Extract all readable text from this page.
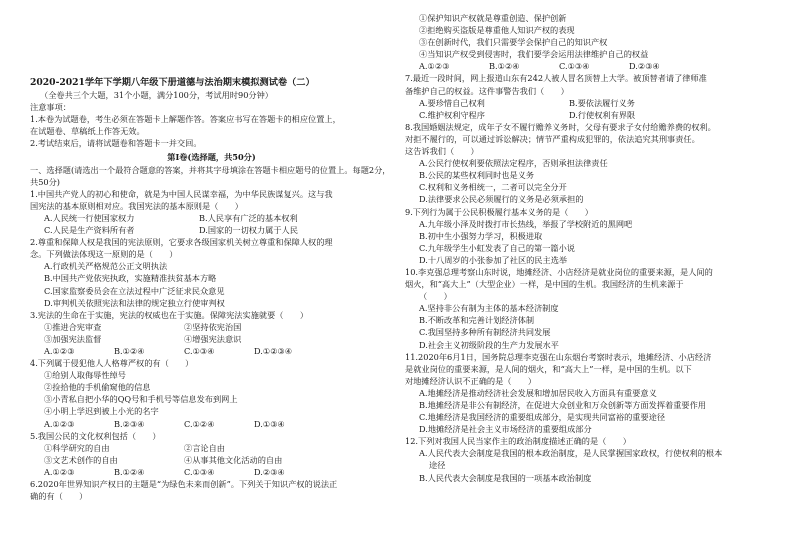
2020-2021学年下学期八年级下册道德与法治期末模拟测试卷（二）
（全卷共三个大题，31个小题，满分100分，考试用时90分钟）
注意事项：
1.本卷为试题卷，考生必须在答题卡上解题作答。答案应书写在答题卡的相应位置上，
在试题卷、草稿纸上作答无效。
2.考试结束后，请将试题卷和答题卡一并交回。
第Ⅰ卷(选择题，共50分)
一、选择题(请选出一个最符合题意的答案，并将其字母填涂在答题卡相应题号的位置上。每题2分，共50分)
1.中国共产党人的初心和使命，就是为中国人民谋幸福，为中华民族谋复兴。这与我
国宪法的基本原则相对应。我国宪法的基本原则是（　　）
A.人民统一行使国家权力	B.人民享有广泛的基本权利
C.人民是生产资料所有者	D.国家的一切权力属于人民
2.尊重和保障人权是我国的宪法原则，它要求各级国家机关树立尊重和保障人权的理
念。下列做法体现这一原则的是（　　）
A.行政机关严格规范公正文明执法
B.中国共产党依宪执政，实施精准扶贫基本方略
C.国家监察委员会在立法过程中广泛征求民众意见
D.审判机关依照宪法和法律的规定独立行使审判权
3.宪法的生命在于实施，宪法的权威也在于实施。保障宪法实施就要（　　）
①推进合宪审查	②坚持依宪治国
③加强宪法监督	④增强宪法意识
A.①②③	B.①②④	C.①③④	D.①②③④
4.下列属于侵犯他人人格尊严权的有（　　）
①给别人取侮辱性绰号
②捡拾他的手机偷窥他的信息
③小青私自把小华的QQ号和手机号等信息发布到网上
④小明上学迟到被上小光的名字
A.①②③	B.②③④	C.①②④	D.①③④
5.我国公民的文化权利包括（　　）
①科学研究的自由	②言论自由
③文艺术创作的自由	④从事其他文化活动的自由
A.①②③	B.①②④	C.①③④	D.②③④
6.2020年世界知识产权日的主题是“为绿色未来而创新”。下列关于知识产权的说法正
确的有（　　）
①保护知识产权就是尊重创造、保护创新
②拒绝购买盗版是尊重他人知识产权的表现
③在创新时代，我们只需要学会保护自己的知识产权
④当知识产权受到侵害时，我们要学会运用法律维护自己的权益
A.①②③	B.①②④	C.①③④	D.②③④
7.最近一段时间，网上报道山东有242人被人冒名顶替上大学。被顶替者请了律师准
备维护自己的权益。这件事警告我们（　　）
A.要珍惜自己权利	B.要依法履行义务
C.维护权利守程序	D.行使权利有界限
8.我国婚姻法规定，成年子女不履行赡养义务时，父母有要求子女付给赡养费的权利。
对拒不履行的，可以通过诉讼解决；情节严重构成犯罪的，依法追究其刑事责任。
这告诉我们（　　）
A.公民行使权利要依照法定程序，否则承担法律责任
B.公民的某些权利同时也是义务
C.权利和义务相统一，二者可以完全分开
D.法律要求公民必须履行的义务是必须承担的
9.下列行为属于公民积极履行基本义务的是（　　）
A.九年级小泽及时拨打市长热线，举报了学校附近的黑网吧
B.初中生小强努力学习，积极进取
C.九年级学生小虹发表了自己的第一篇小说
D.十八周岁的小张参加了社区的民主选举
10.李克强总理考察山东时说，地摊经济、小店经济是就业岗位的重要来源，是人间的
烟火，和“高大上”（大型企业）一样，是中国的生机。我国经济的生机来源于
（　　）
A.坚持非公有制为主体的基本经济制度
B.不断改革和完善计划经济体制
C.我国坚持多种所有制经济共同发展
D.社会主义初级阶段的生产力发展水平
11.2020年6月1日，国务院总理李克强在山东烟台考察时表示，地摊经济、小店经济
是就业岗位的重要来源，是人间的烟火，和“高大上”一样，是中国的生机。以下
对地摊经济认识不正确的是（　　）
A.地摊经济是推动经济社会发展和增加居民收入方面具有重要意义
B.地摊经济是非公有制经济，在促进大众创业和万众创新等方面发挥着重要作用
C.地摊经济是我国经济的重要组成部分，是实现共同富裕的重要途径
D.地摊经济是社会主义市场经济的重要组成部分
12.下列对我国人民当家作主的政治制度描述正确的是（　　）
A.人民代表大会制度是我国的根本政治制度，是人民掌握国家政权，行使权利的根本
途径
B.人民代表大会制度是我国的一项基本政治制度
